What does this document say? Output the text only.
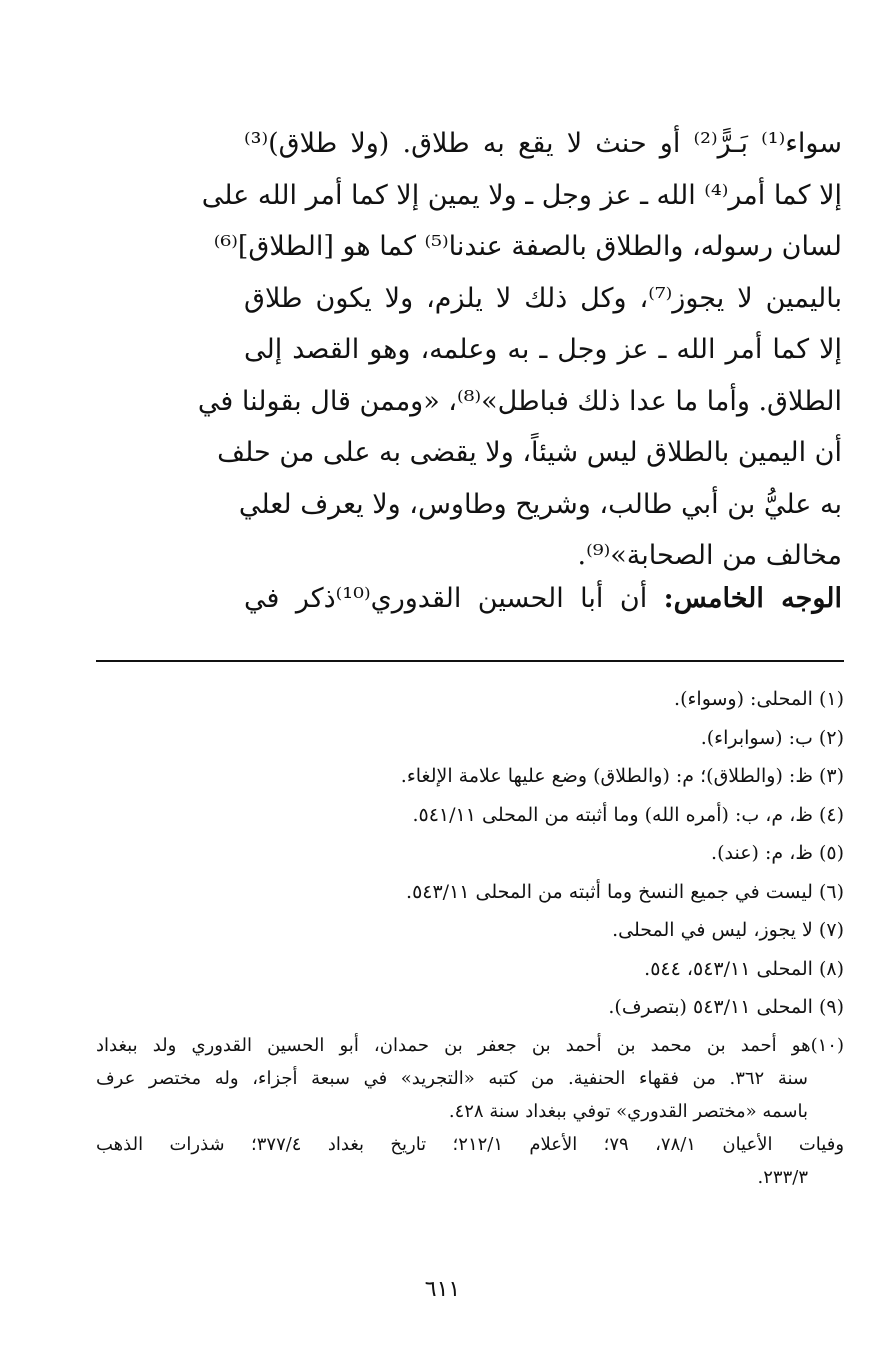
سواء⁽¹⁾ بَـرًّ⁽²⁾ أو حنث لا يقع به طلاق. (ولا طلاق)⁽³⁾
إلا كما أمر⁽⁴⁾ الله ـ عز وجل ـ ولا يمين إلا كما أمر الله على
لسان رسوله، والطلاق بالصفة عندنا⁽⁵⁾ كما هو [الطلاق]⁽⁶⁾
باليمين لا يجوز⁽⁷⁾، وكل ذلك لا يلزم، ولا يكون طلاق
إلا كما أمر الله ـ عز وجل ـ به وعلمه، وهو القصد إلى
الطلاق. وأما ما عدا ذلك فباطل»⁽⁸⁾، «وممن قال بقولنا في
أن اليمين بالطلاق ليس شيئاً، ولا يقضى به على من حلف
به عليُّ بن أبي طالب، وشريح وطاوس، ولا يعرف لعلي
مخالف من الصحابة»⁽⁹⁾.
الوجه الخامس: أن أبا الحسين القدوري⁽¹⁰⁾ذكر في
(١) المحلى: (وسواء).
(٢) ب: (سوابراء).
(٣) ظ: (والطلاق)؛ م: (والطلاق) وضع عليها علامة الإلغاء.
(٤) ظ، م، ب: (أمره الله) وما أثبته من المحلى ٥٤١/١١.
(٥) ظ، م: (عند).
(٦) ليست في جميع النسخ وما أثبته من المحلى ٥٤٣/١١.
(٧) لا يجوز، ليس في المحلى.
(٨) المحلى ٥٤٣/١١، ٥٤٤.
(٩) المحلى ٥٤٣/١١ (بتصرف).
(١٠)هو أحمد بن محمد بن أحمد بن جعفر بن حمدان، أبو الحسين القدوري ولد ببغداد
سنة ٣٦٢. من فقهاء الحنفية. من كتبه «التجريد» في سبعة أجزاء، وله مختصر عرف
باسمه «مختصر القدوري» توفي ببغداد سنة ٤٢٨.
وفيات الأعيان ٧٨/١، ٧٩؛ الأعلام ٢١٢/١؛ تاريخ بغداد ٣٧٧/٤؛ شذرات الذهب
٢٣٣/٣.
٦١١
